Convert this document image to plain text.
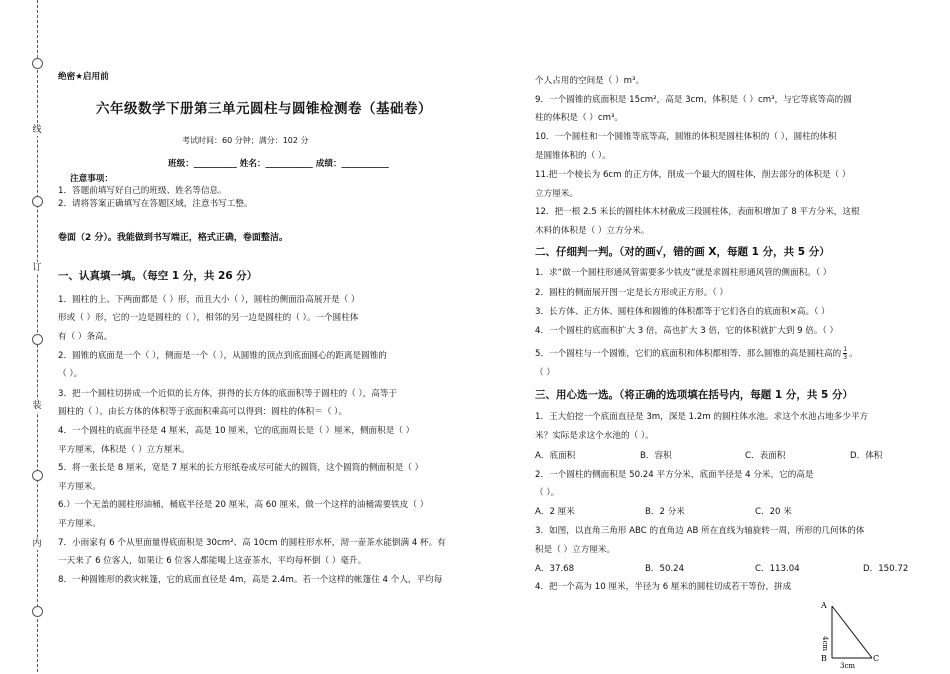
线
订
装
内
绝密★启用前
六年级数学下册第三单元圆柱与圆锥检测卷（基础卷）
考试时间：60 分钟；满分：102 分
班级：__________ 姓名：___________ 成绩：___________
注意事项：
1．答题前填写好自己的班级、姓名等信息。
2．请将答案正确填写在答题区域，注意书写工整。
卷面（2 分）。我能做到书写端正，格式正确，卷面整洁。
一、认真填一填。（每空 1 分，共 26 分）
1．圆柱的上、下两面都是（ ）形，而且大小（ ），圆柱的侧面沿高展开是（ ）
形或（ ）形，它的一边是圆柱的（ ），相邻的另一边是圆柱的（ ）。一个圆柱体
有（ ）条高。
2．圆锥的底面是一个（ ），侧面是一个（ ），从圆锥的顶点到底面圆心的距离是圆锥的
（ ）。
3．把一个圆柱切拼成一个近似的长方体，拼得的长方体的底面积等于圆柱的（ ），高等于
圆柱的（ ）。由长方体的体积等于底面积乘高可以得到：圆柱的体积＝（ ）。
4．一个圆柱的底面半径是 4 厘米，高是 10 厘米，它的底面周长是（ ）厘米，侧面积是（ ）
平方厘米，体积是（ ）立方厘米。
5．将一张长是 8 厘米，宽是 7 厘米的长方形纸卷成尽可能大的圆筒，这个圆筒的侧面积是（ ）
平方厘米。
6.）一个无盖的圆柱形油桶，桶底半径是 20 厘米，高 60 厘米，做一个这样的油桶需要铁皮（ ）
平方厘米。
7．小雨家有 6 个从里面量得底面积是 30cm²、高 10cm 的圆柱形水杯，沏一壶茶水能倒满 4 杯。有
一天来了 6 位客人，如果让 6 位客人都能喝上这壶茶水，平均每杯倒（ ）毫升。
8．一种圆锥形的救灾帐篷，它的底面直径是 4m，高是 2.4m。若一个这样的帐篷住 4 个人，平均每
个人占用的空间是（ ）m³。
9．一个圆锥的底面积是 15cm²，高是 3cm，体积是（ ）cm³，与它等底等高的圆
柱的体积是（ ）cm³。
10．一个圆柱和一个圆锥等底等高，圆锥的体积是圆柱体积的（ ），圆柱的体积
是圆锥体积的（ ）。
11.把一个棱长为 6cm 的正方体，削成一个最大的圆柱体，削去部分的体积是（ ）
立方厘米。
12．把一根 2.5 米长的圆柱体木材截成三段圆柱体，表面积增加了 8 平方分米，这根
木料的体积是（ ）立方分米。
二、仔细判一判。（对的画√，错的画 X，每题 1 分，共 5 分）
1．求“做一个圆柱形通风管需要多少铁皮”就是求圆柱形通风管的侧面积。（ ）
2．圆柱的侧面展开图一定是长方形或正方形。（ ）
3．长方体、正方体、圆柱体和圆锥的体积都等于它们各自的底面积×高。（ ）
4．一个圆柱的底面积扩大 3 倍，高也扩大 3 倍，它的体积就扩大到 9 倍。（ ）
5．一个圆柱与一个圆锥，它们的底面积和体积都相等．那么圆锥的高是圆柱高的 $\frac{1}{3}$ 。
（ ）
三、用心选一选。（将正确的选项填在括号内，每题 1 分，共 5 分）
1．王大伯挖一个底面直径是 3m，深是 1.2m 的圆柱体水池。求这个水池占地多少平方
米？实际是求这个水池的（ ）。
A．底面积	B．容积	C．表面积	D．体积
2．一个圆柱的侧面积是 50.24 平方分米，底面半径是 4 分米，它的高是
（ ）。
A．2 厘米	B．2 分米	C．20 米
3．如图，以直角三角形 ABC 的直角边 AB 所在直线为轴旋转一周，所形的几何体的体
积是（ ）立方厘米。
A．37.68	B．50.24	C．113.04	D．150.72
4．把一个高为 10 厘米，半径为 6 厘米的圆柱切成若干等份，拼成
A
B	C
4cm
3cm
